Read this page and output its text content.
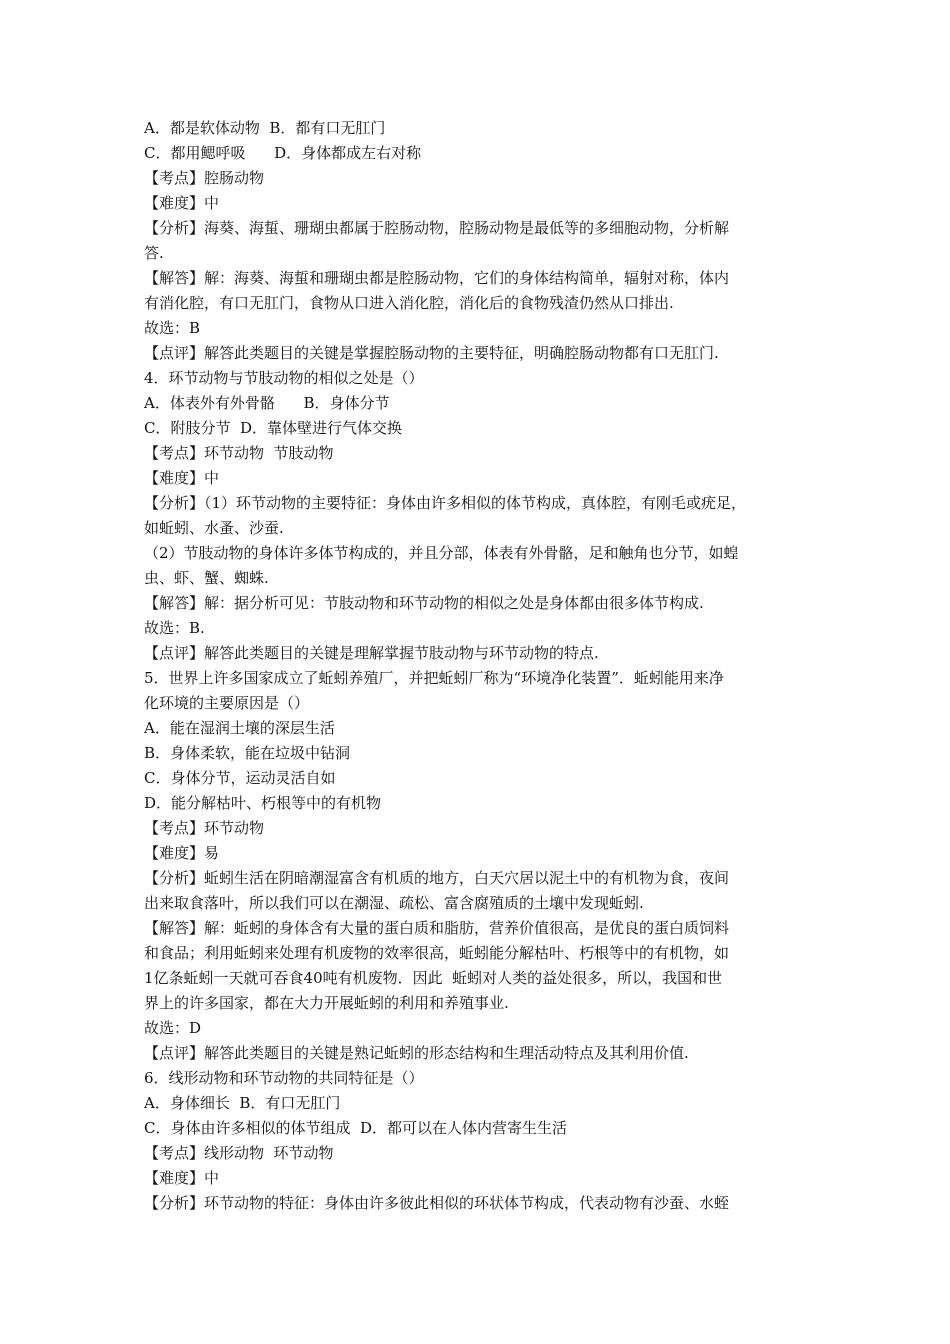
A．都是软体动物  B．都有口无肛门
C．都用鳃呼吸      D．身体都成左右对称
【考点】腔肠动物
【难度】中
【分析】海葵、海蜇、珊瑚虫都属于腔肠动物，腔肠动物是最低等的多细胞动物，分析解
答.
【解答】解：海葵、海蜇和珊瑚虫都是腔肠动物，它们的身体结构简单，辐射对称，体内
有消化腔，有口无肛门，食物从口进入消化腔，消化后的食物残渣仍然从口排出.
故选：B
【点评】解答此类题目的关键是掌握腔肠动物的主要特征，明确腔肠动物都有口无肛门.
4．环节动物与节肢动物的相似之处是（）
A．体表外有外骨骼      B．身体分节
C．附肢分节  D．靠体壁进行气体交换
【考点】环节动物  节肢动物
【难度】中
【分析】（1）环节动物的主要特征：身体由许多相似的体节构成，真体腔，有刚毛或疣足，
如蚯蚓、水蚤、沙蚕.
（2）节肢动物的身体许多体节构成的，并且分部，体表有外骨骼，足和触角也分节，如蝗
虫、虾、蟹、蜘蛛.
【解答】解：据分析可见：节肢动物和环节动物的相似之处是身体都由很多体节构成.
故选：B.
【点评】解答此类题目的关键是理解掌握节肢动物与环节动物的特点.
5．世界上许多国家成立了蚯蚓养殖厂，并把蚯蚓厂称为“环境净化装置”．蚯蚓能用来净
化环境的主要原因是（）
A．能在湿润土壤的深层生活
B．身体柔软，能在垃圾中钻洞
C．身体分节，运动灵活自如
D．能分解枯叶、朽根等中的有机物
【考点】环节动物
【难度】易
【分析】蚯蚓生活在阴暗潮湿富含有机质的地方，白天穴居以泥土中的有机物为食，夜间
出来取食落叶，所以我们可以在潮湿、疏松、富含腐殖质的土壤中发现蚯蚓.
【解答】解：蚯蚓的身体含有大量的蛋白质和脂肪，营养价值很高，是优良的蛋白质饲料
和食品；利用蚯蚓来处理有机废物的效率很高，蚯蚓能分解枯叶、朽根等中的有机物，如
1亿条蚯蚓一天就可吞食40吨有机废物．因此  蚯蚓对人类的益处很多，所以，我国和世
界上的许多国家，都在大力开展蚯蚓的利用和养殖事业.
故选：D
【点评】解答此类题目的关键是熟记蚯蚓的形态结构和生理活动特点及其利用价值.
6．线形动物和环节动物的共同特征是（）
A．身体细长  B．有口无肛门
C．身体由许多相似的体节组成  D．都可以在人体内营寄生生活
【考点】线形动物  环节动物
【难度】中
【分析】环节动物的特征：身体由许多彼此相似的环状体节构成，代表动物有沙蚕、水蛭
